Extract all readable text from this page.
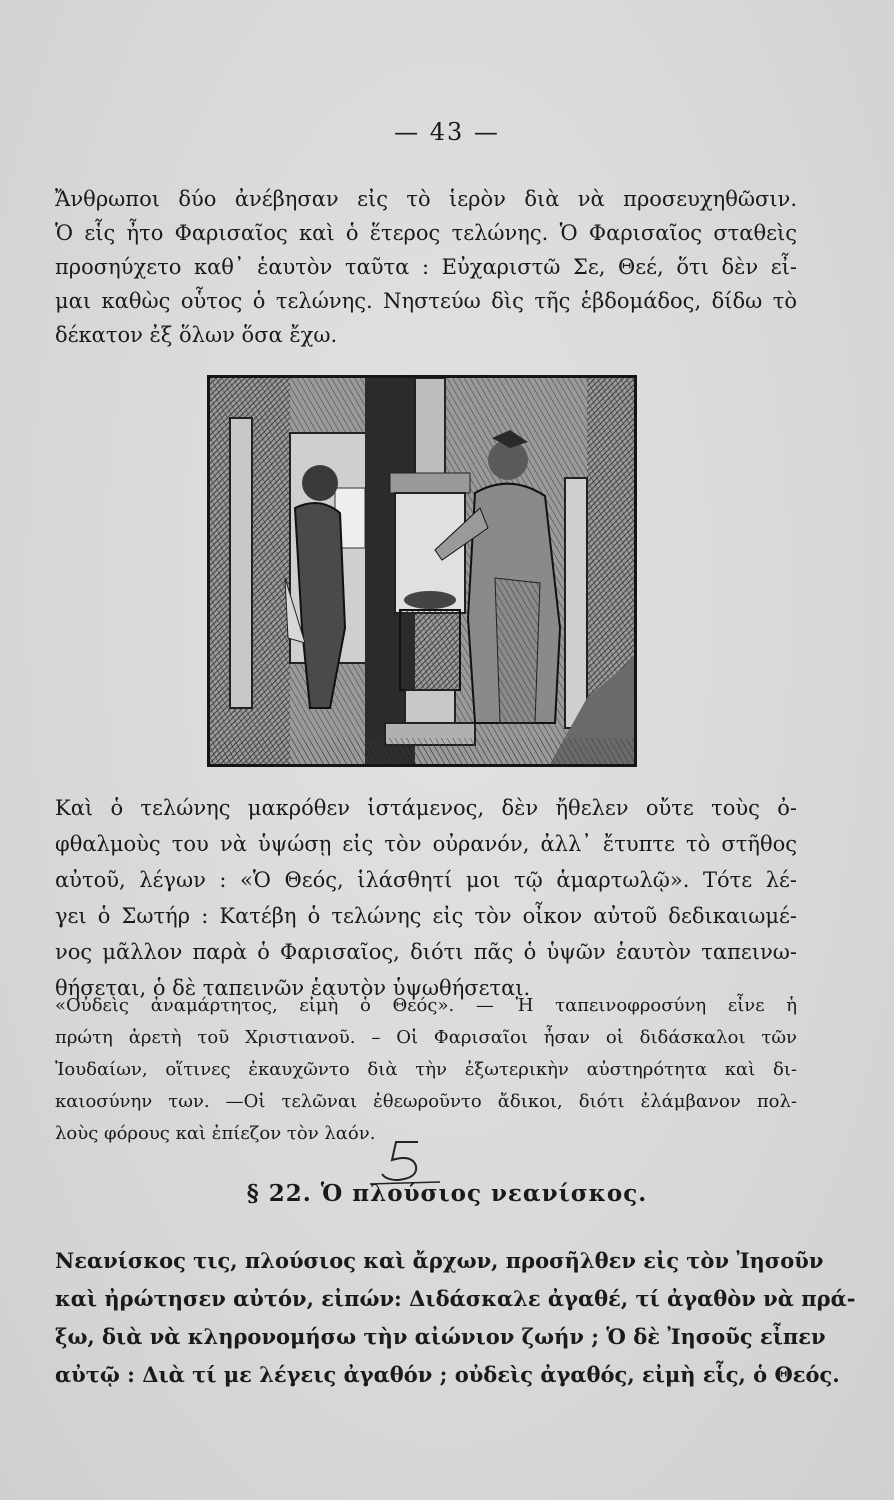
— 43 —
Ἄνθρωποι δύο ἀνέβησαν εἰς τὸ ἱερὸν διὰ νὰ προσευχηθῶσιν.
Ὁ εἷς ἦτο Φαρισαῖος καὶ ὁ ἕτερος τελώνης. Ὁ Φαρισαῖος σταθεὶς
προσηύχετο καθ᾿ ἑαυτὸν ταῦτα : Εὐχαριστῶ Σε, Θεέ, ὅτι δὲν εἶ-
μαι καθὼς οὗτος ὁ τελώνης. Νηστεύω δὶς τῆς ἑβδομάδος, δίδω τὸ
δέκατον ἐξ ὅλων ὅσα ἔχω.
Καὶ ὁ τελώνης μακρόθεν ἱστάμενος, δὲν ἤθελεν οὔτε τοὺς ὀ-
φθαλμοὺς του νὰ ὑψώσῃ εἰς τὸν οὐρανόν, ἀλλ᾿ ἔτυπτε τὸ στῆθος
αὐτοῦ, λέγων : «Ὁ Θεός, ἱλάσθητί μοι τῷ ἁμαρτωλῷ». Τότε λέ-
γει ὁ Σωτήρ : Κατέβη ὁ τελώνης εἰς τὸν οἶκον αὐτοῦ δεδικαιωμέ-
νος μᾶλλον παρὰ ὁ Φαρισαῖος, διότι πᾶς ὁ ὑψῶν ἑαυτὸν ταπεινω-
θήσεται, ὁ δὲ ταπεινῶν ἑαυτὸν ὑψωθήσεται.
«Οὐδεὶς ἀναμάρτητος, εἰμὴ ὁ Θεός». — Ἡ ταπεινοφροσύνη εἶνε ἡ
πρώτη ἀρετὴ τοῦ Χριστιανοῦ. – Οἱ Φαρισαῖοι ἦσαν οἱ διδάσκαλοι τῶν
Ἰουδαίων, οἵτινες ἐκαυχῶντο διὰ τὴν ἐξωτερικὴν αὐστηρότητα καὶ δι-
καιοσύνην των. —Οἱ τελῶναι ἐθεωροῦντο ἄδικοι, διότι ἐλάμβανον πολ-
λοὺς φόρους καὶ ἐπίεζον τὸν λαόν.
§ 22. Ὁ πλούσιος νεανίσκος.
Νεανίσκος τις, πλούσιος καὶ ἄρχων, προσῆλθεν εἰς τὸν Ἰησοῦν
καὶ ἠρώτησεν αὐτόν, εἰπών: Διδάσκαλε ἀγαθέ, τί ἀγαθὸν νὰ πρά-
ξω, διὰ νὰ κληρονομήσω τὴν αἰώνιον ζωήν ; Ὁ δὲ Ἰησοῦς εἶπεν
αὐτῷ : Διὰ τί με λέγεις ἀγαθόν ; οὐδεὶς ἀγαθός, εἰμὴ εἷς, ὁ Θεός.
